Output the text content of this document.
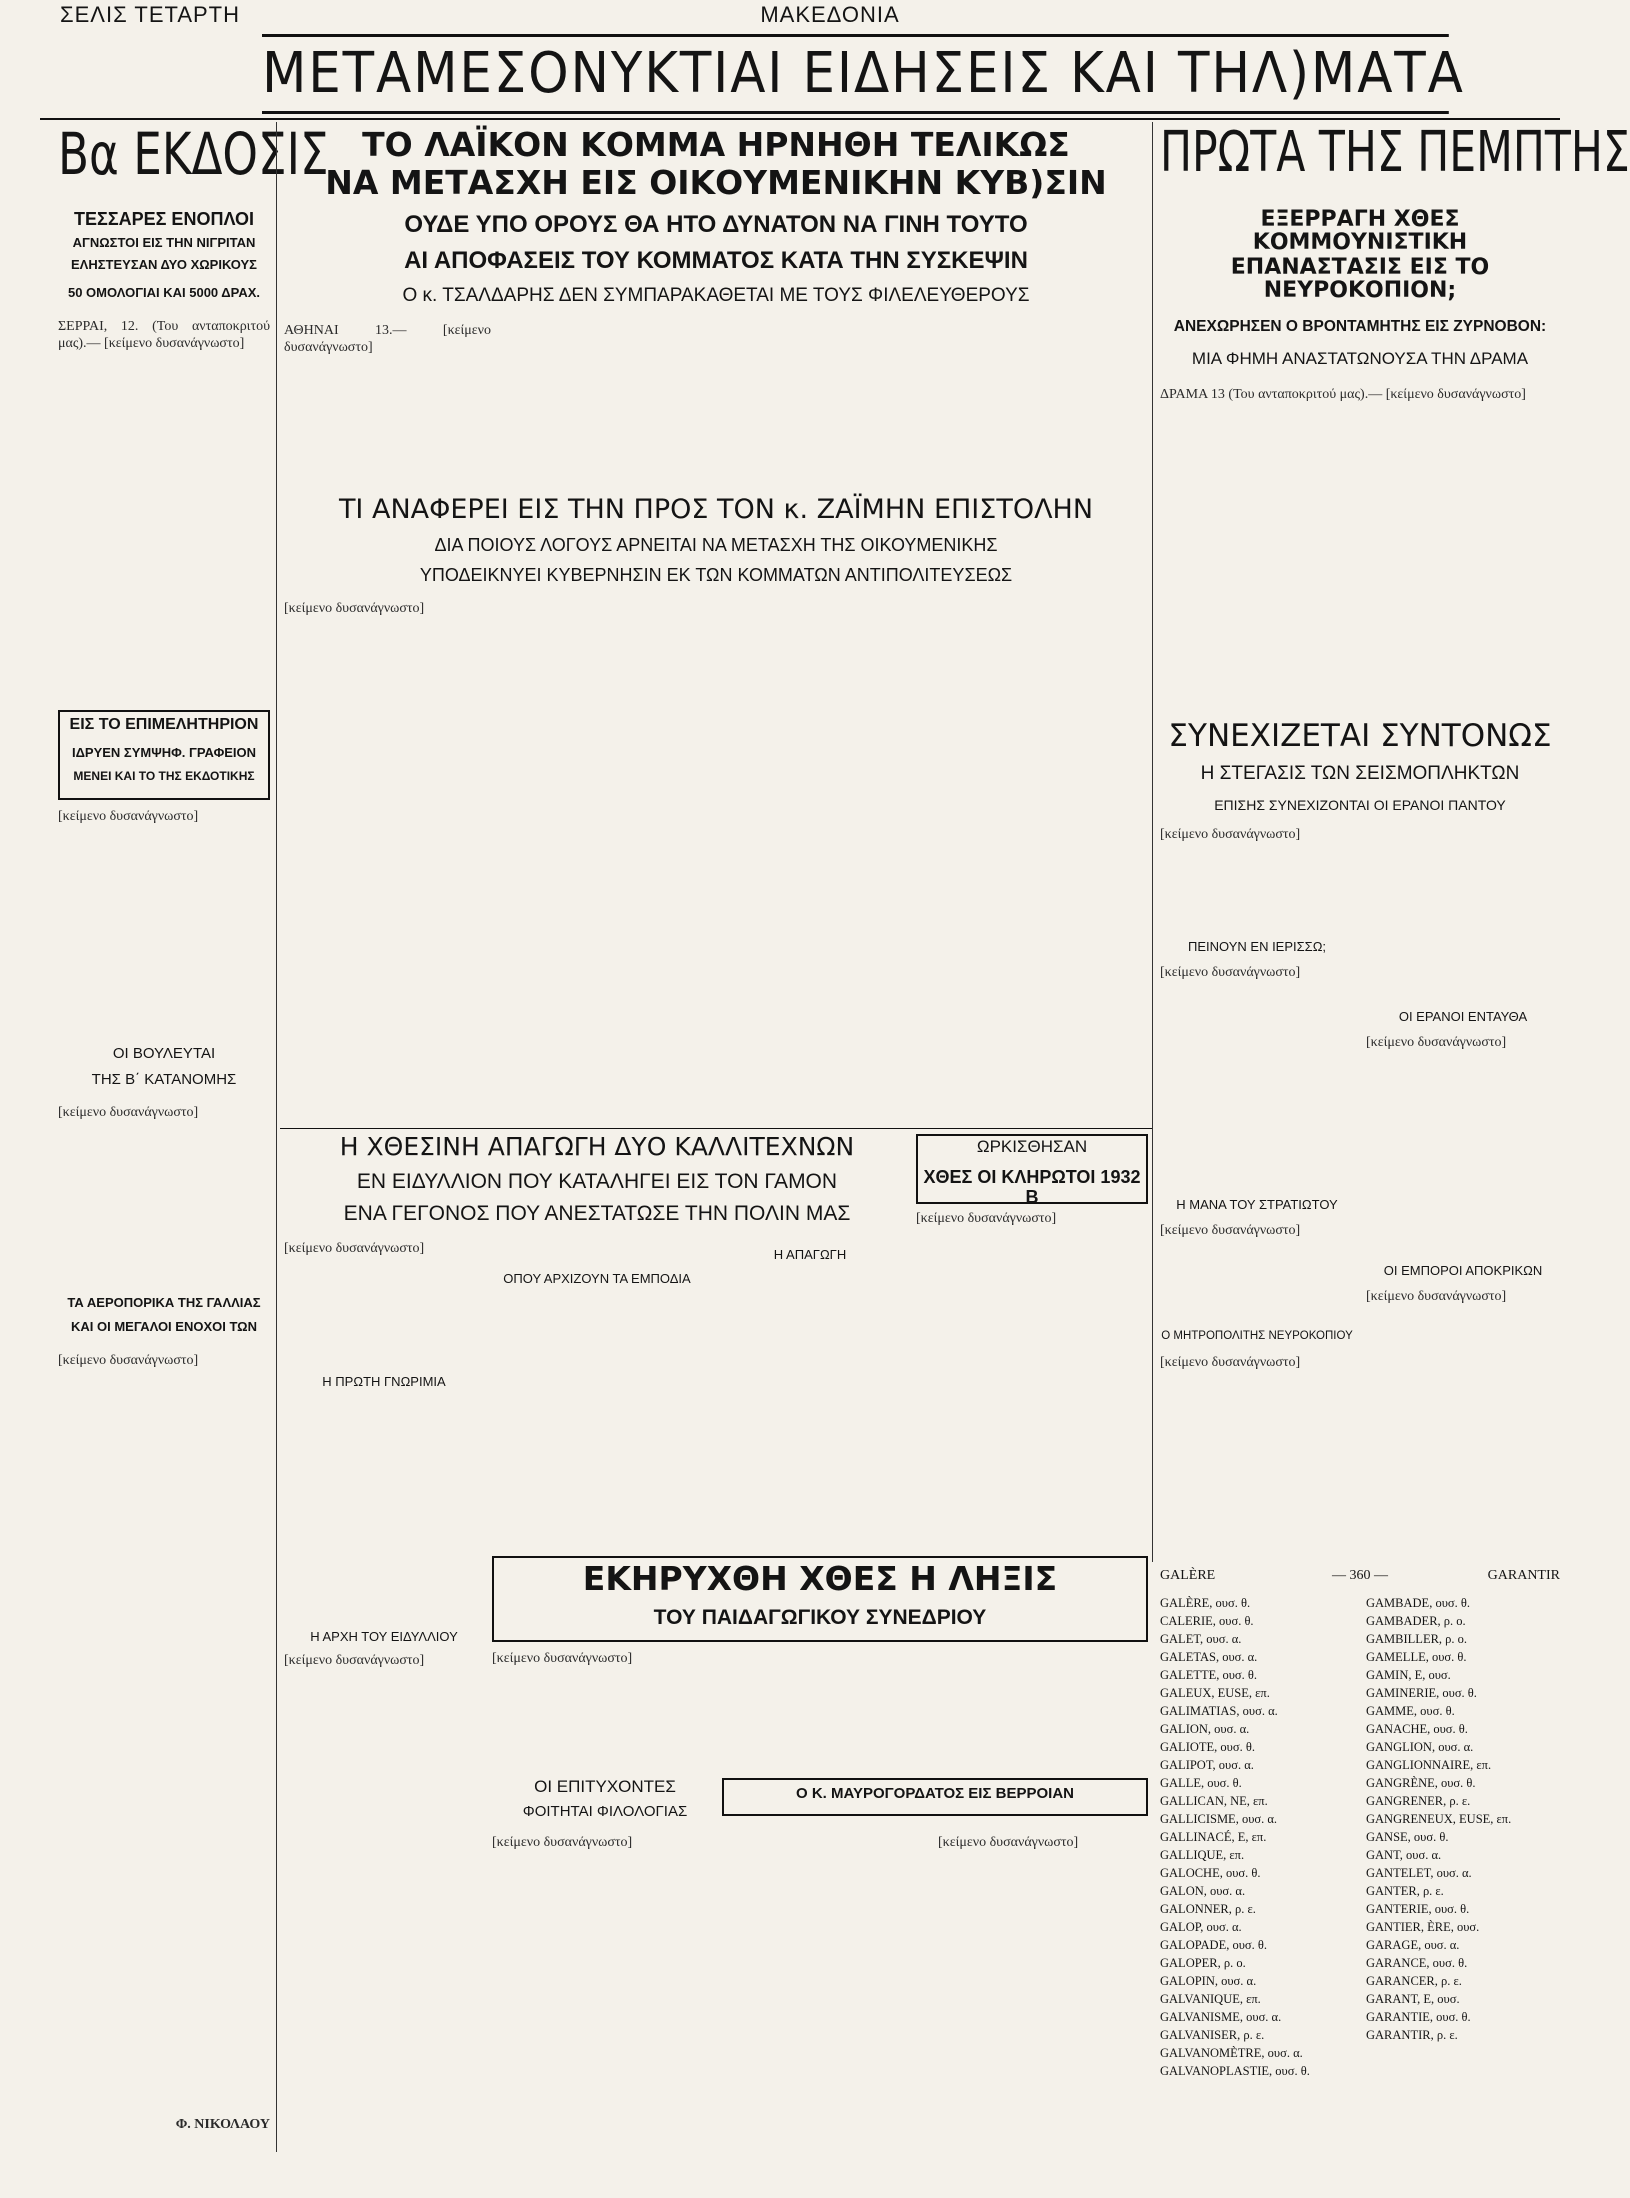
ΣΕΛΙΣ ΤΕΤΑΡΤΗ	ΜΑΚΕΔΟΝΙΑ
ΜΕΤΑΜΕΣΟΝΥΚΤΙΑΙ ΕΙΔΗΣΕΙΣ ΚΑΙ ΤΗΛ)ΜΑΤΑ
Βα ΕΚΔΟΣΙΣ
ΤΕΣΣΑΡΕΣ ΕΝΟΠΛΟΙ
ΑΓΝΩΣΤΟΙ ΕΙΣ ΤΗΝ ΝΙΓΡΙΤΑΝ
ΕΛΗΣΤΕΥΣΑΝ ΔΥΟ ΧΩΡΙΚΟΥΣ
50 ΟΜΟΛΟΓΙΑΙ ΚΑΙ 5000 ΔΡΑΧ.
ΣΕΡΡΑΙ, 12. (Του ανταποκριτού μας).— [κείμενο δυσανάγνωστο]
ΕΙΣ ΤΟ ΕΠΙΜΕΛΗΤΗΡΙΟΝ
ΙΔΡΥΕΝ ΣΥΜΨΗΦ. ΓΡΑΦΕΙΟΝ
ΜΕΝΕΙ ΚΑΙ ΤΟ ΤΗΣ ΕΚΔΟΤΙΚΗΣ
[κείμενο δυσανάγνωστο]
ΟΙ ΒΟΥΛΕΥΤΑΙ
ΤΗΣ Β΄ ΚΑΤΑΝΟΜΗΣ
[κείμενο δυσανάγνωστο]
ΤΑ ΑΕΡΟΠΟΡΙΚΑ ΤΗΣ ΓΑΛΛΙΑΣ
ΚΑΙ ΟΙ ΜΕΓΑΛΟΙ ΕΝΟΧΟΙ ΤΩΝ
[κείμενο δυσανάγνωστο]
Φ. ΝΙΚΟΛΑΟΥ
ΤΟ ΛΑΪΚΟΝ ΚΟΜΜΑ ΗΡΝΗΘΗ ΤΕΛΙΚΩΣ
ΝΑ ΜΕΤΑΣΧΗ ΕΙΣ ΟΙΚΟΥΜΕΝΙΚΗΝ ΚΥΒ)ΣΙΝ
ΟΥΔΕ ΥΠΟ ΟΡΟΥΣ ΘΑ ΗΤΟ ΔΥΝΑΤΟΝ ΝΑ ΓΙΝΗ ΤΟΥΤΟ
ΑΙ ΑΠΟΦΑΣΕΙΣ ΤΟΥ ΚΟΜΜΑΤΟΣ ΚΑΤΑ ΤΗΝ ΣΥΣΚΕΨΙΝ
Ο κ. ΤΣΑΛΔΑΡΗΣ ΔΕΝ ΣΥΜΠΑΡΑΚΑΘΕΤΑΙ ΜΕ ΤΟΥΣ ΦΙΛΕΛΕΥΘΕΡΟΥΣ
ΑΘΗΝΑΙ 13.— [κείμενο δυσανάγνωστο]
ΤΙ ΑΝΑΦΕΡΕΙ ΕΙΣ ΤΗΝ ΠΡΟΣ ΤΟΝ κ. ΖΑΪΜΗΝ ΕΠΙΣΤΟΛΗΝ
ΔΙΑ ΠΟΙΟΥΣ ΛΟΓΟΥΣ ΑΡΝΕΙΤΑΙ ΝΑ ΜΕΤΑΣΧΗ ΤΗΣ ΟΙΚΟΥΜΕΝΙΚΗΣ
ΥΠΟΔΕΙΚΝΥΕΙ ΚΥΒΕΡΝΗΣΙΝ ΕΚ ΤΩΝ ΚΟΜΜΑΤΩΝ ΑΝΤΙΠΟΛΙΤΕΥΣΕΩΣ
[κείμενο δυσανάγνωστο]
Η ΧΘΕΣΙΝΗ ΑΠΑΓΩΓΗ ΔΥΟ ΚΑΛΛΙΤΕΧΝΩΝ
ΕΝ ΕΙΔΥΛΛΙΟΝ ΠΟΥ ΚΑΤΑΛΗΓΕΙ ΕΙΣ ΤΟΝ ΓΑΜΟΝ
ΕΝΑ ΓΕΓΟΝΟΣ ΠΟΥ ΑΝΕΣΤΑΤΩΣΕ ΤΗΝ ΠΟΛΙΝ ΜΑΣ
[κείμενο δυσανάγνωστο]
Η ΠΡΩΤΗ ΓΝΩΡΙΜΙΑ
ΟΠΟΥ ΑΡΧΙΖΟΥΝ ΤΑ ΕΜΠΟΔΙΑ
Η ΑΠΑΓΩΓΗ
Η ΑΡΧΗ ΤΟΥ ΕΙΔΥΛΛΙΟΥ
[κείμενο δυσανάγνωστο]
ΩΡΚΙΣΘΗΣΑΝ
ΧΘΕΣ ΟΙ ΚΛΗΡΩΤΟΙ 1932 Β
[κείμενο δυσανάγνωστο]
ΕΚΗΡΥΧΘΗ ΧΘΕΣ Η ΛΗΞΙΣ
ΤΟΥ ΠΑΙΔΑΓΩΓΙΚΟΥ ΣΥΝΕΔΡΙΟΥ
[κείμενο δυσανάγνωστο]
ΟΙ ΕΠΙΤΥΧΟΝΤΕΣ
ΦΟΙΤΗΤΑΙ ΦΙΛΟΛΟΓΙΑΣ
[κείμενο δυσανάγνωστο]
Ο Κ. ΜΑΥΡΟΓΟΡΔΑΤΟΣ ΕΙΣ ΒΕΡΡΟΙΑΝ
[κείμενο δυσανάγνωστο]
ΠΡΩΤΑ ΤΗΣ ΠΕΜΠΤΗΣ
ΕΞΕΡΡΑΓΗ ΧΘΕΣ ΚΟΜΜΟΥΝΙΣΤΙΚΗ
ΕΠΑΝΑΣΤΑΣΙΣ ΕΙΣ ΤΟ ΝΕΥΡΟΚΟΠΙΟΝ;
ΑΝΕΧΩΡΗΣΕΝ Ο ΒΡΟΝΤΑΜΗΤΗΣ ΕΙΣ ΖΥΡΝΟΒΟΝ:
ΜΙΑ ΦΗΜΗ ΑΝΑΣΤΑΤΩΝΟΥΣΑ ΤΗΝ ΔΡΑΜΑ
ΔΡΑΜΑ 13 (Του ανταποκριτού μας).— [κείμενο δυσανάγνωστο]
ΣΥΝΕΧΙΖΕΤΑΙ ΣΥΝΤΟΝΩΣ
Η ΣΤΕΓΑΣΙΣ ΤΩΝ ΣΕΙΣΜΟΠΛΗΚΤΩΝ
ΕΠΙΣΗΣ ΣΥΝΕΧΙΖΟΝΤΑΙ ΟΙ ΕΡΑΝΟΙ ΠΑΝΤΟΥ
[κείμενο δυσανάγνωστο]
ΠΕΙΝΟΥΝ ΕΝ ΙΕΡΙΣΣΩ;
ΟΙ ΕΡΑΝΟΙ ΕΝΤΑΥΘΑ
[κείμενο δυσανάγνωστο]
Η ΜΑΝΑ ΤΟΥ ΣΤΡΑΤΙΩΤΟΥ
[κείμενο δυσανάγνωστο]
Ο ΜΗΤΡΟΠΟΛΙΤΗΣ ΝΕΥΡΟΚΟΠΙΟΥ
[κείμενο δυσανάγνωστο]
[κείμενο δυσανάγνωστο]
ΟΙ ΕΜΠΟΡΟΙ ΑΠΟΚΡΙΚΩΝ
[κείμενο δυσανάγνωστο]
GALÈRE	— 360 —	GARANTIR
GALÈRE, ουσ. θ.
CALERIE, ουσ. θ.
GALET, ουσ. α.
GALETAS, ουσ. α.
GALETTE, ουσ. θ.
GALEUX, EUSE, επ.
GALIMATIAS, ουσ. α.
GALION, ουσ. α.
GALIOTE, ουσ. θ.
GALIPOT, ουσ. α.
GALLE, ουσ. θ.
GALLICAN, NE, επ.
GALLICISME, ουσ. α.
GALLINACÉ, E, επ.
GALLIQUE, επ.
GALOCHE, ουσ. θ.
GALON, ουσ. α.
GALONNER, ρ. ε.
GALOP, ουσ. α.
GALOPADE, ουσ. θ.
GALOPER, ρ. ο.
GALOPIN, ουσ. α.
GALVANIQUE, επ.
GALVANISME, ουσ. α.
GALVANISER, ρ. ε.
GALVANOMÈTRE, ουσ. α.
GALVANOPLASTIE, ουσ. θ.
GAMBADE, ουσ. θ.
GAMBADER, ρ. ο.
GAMBILLER, ρ. ο.
GAMELLE, ουσ. θ.
GAMIN, E, ουσ.
GAMINERIE, ουσ. θ.
GAMME, ουσ. θ.
GANACHE, ουσ. θ.
GANGLION, ουσ. α.
GANGLIONNAIRE, επ.
GANGRÈNE, ουσ. θ.
GANGRENER, ρ. ε.
GANGRENEUX, EUSE, επ.
GANSE, ουσ. θ.
GANT, ουσ. α.
GANTELET, ουσ. α.
GANTER, ρ. ε.
GANTERIE, ουσ. θ.
GANTIER, ÈRE, ουσ.
GARAGE, ουσ. α.
GARANCE, ουσ. θ.
GARANCER, ρ. ε.
GARANT, E, ουσ.
GARANTIE, ουσ. θ.
GARANTIR, ρ. ε.
